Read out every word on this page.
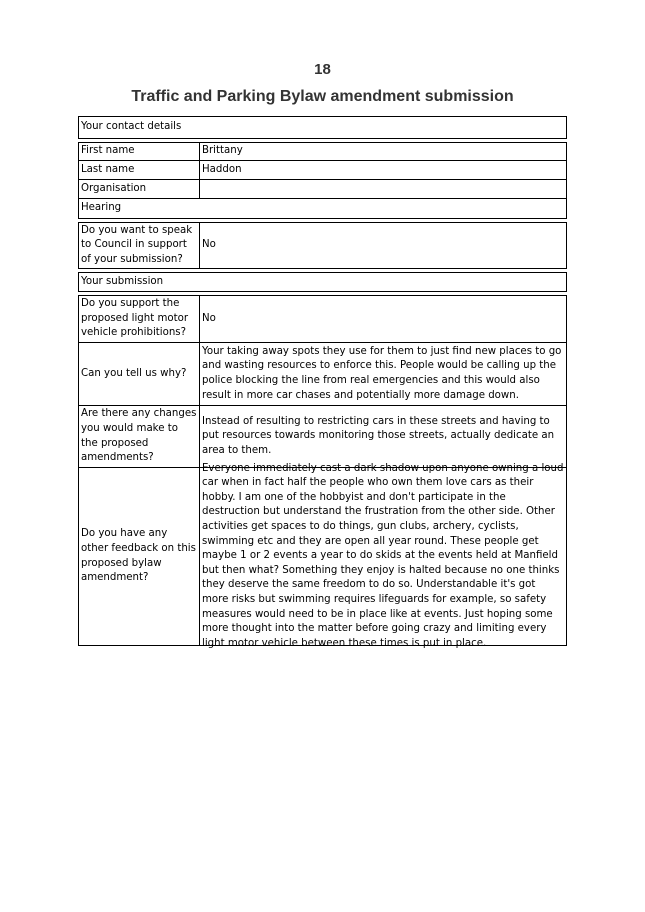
18
Traffic and Parking Bylaw amendment submission
Your contact details
First name	Brittany
Last name	Haddon
Organisation
Hearing
Do you want to speak to Council in support of your submission?
No
Your submission
Do you support the proposed light motor vehicle prohibitions?
No
Can you tell us why?
Your taking away spots they use for them to just find new places to go and wasting resources to enforce this. People would be calling up the police blocking the line from real emergencies and this would also result in more car chases and potentially more damage down.
Are there any changes you would make to the proposed amendments?
Instead of resulting to restricting cars in these streets and having to put resources towards monitoring those streets, actually dedicate an area to them.
Do you have any other feedback on this proposed bylaw amendment?
Everyone immediately cast a dark shadow upon anyone owning a loud car when in fact half the people who own them love cars as their hobby. I am one of the hobbyist and don't participate in the destruction but understand the frustration from the other side. Other activities get spaces to do things, gun clubs, archery, cyclists, swimming etc and they are open all year round. These people get maybe 1 or 2 events a year to do skids at the events held at Manfield but then what? Something they enjoy is halted because no one thinks they deserve the same freedom to do so. Understandable it's got more risks but swimming requires lifeguards for example, so safety measures would need to be in place like at events. Just hoping some more thought into the matter before going crazy and limiting every light motor vehicle between these times is put in place.
